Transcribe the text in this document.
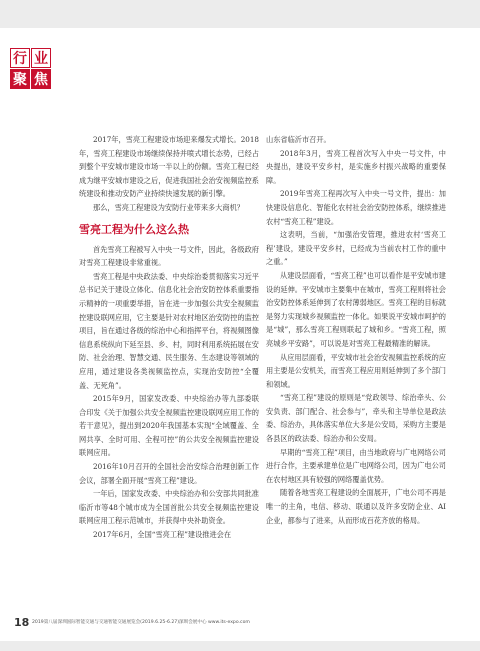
行 业
聚 焦

2017年，雪亮工程建设市场迎来爆发式增长。2018年，雪亮工程建设市场继续保持并喷式增长态势，已经占到整个平安城市建设市场一半以上的份额。雪亮工程已经成为继平安城市建设之后，促进我国社会治安视频监控系统建设和推动安防产业持续快速发展的新引擎。

那么，雪亮工程建设为安防行业带来多大商机？

雪亮工程为什么这么热

首先雪亮工程被写入中央一号文件，因此，各级政府对雪亮工程建设非常重视。

雪亮工程是中央政法委、中央综治委贯彻落实习近平总书记关于建设立体化、信息化社会治安防控体系重要指示精神的一项重要举措，旨在进一步加强公共安全视频监控建设联网应用，它主要是针对农村地区治安防控的监控项目，旨在通过各级的综治中心和指挥平台，将视频图像信息系统纵向下延至县、乡、村，同时利用系统拓展在安防、社会治理、智慧交通、民生服务、生态建设等领域的应用，通过建设各类视频监控点，实现治安防控“全覆盖、无死角”。

2015年9月，国家发改委、中央综治办等九部委联合印发《关于加强公共安全视频监控建设联网应用工作的若干意见》，提出到2020年我国基本实现“全域覆盖、全网共享、全时可用、全程可控”的公共安全视频监控建设联网应用。

2016年10月召开的全国社会治安综合治理创新工作会议，部署全面开展“雪亮工程”建设。

一年后，国家发改委、中央综治办和公安部共同批准临沂市等48个城市成为全国首批公共安全视频监控建设联网应用工程示范城市，并获得中央补助资金。

2017年6月，全国“雪亮工程”建设推进会在

山东省临沂市召开。

2018年3月，雪亮工程首次写入中央一号文件，中央提出，建设平安乡村，是实施乡村振兴战略的重要保障。

2019年雪亮工程再次写入中央一号文件，提出：加快建设信息化、智能化农村社会治安防控体系，继续推进农村“雪亮工程”建设。

这表明，当前，“加强治安管理，推进农村‘雪亮工程’建设，建设平安乡村，已经成为当前农村工作的重中之重。”

从建设层面看，“雪亮工程”也可以看作是平安城市建设的延伸。平安城市主要集中在城市，雪亮工程则将社会治安防控体系延伸到了农村薄弱地区。雪亮工程的目标就是努力实现城乡视频监控一体化。如果说平安城市呵护的是“城”，那么雪亮工程则联起了城和乡。“雪亮工程，照亮城乡平安路”，可以说是对雪亮工程最精准的解读。

从应用层面看，平安城市社会治安视频监控系统的应用主要是公安机关，而雪亮工程应用则延伸到了多个部门和领域。

“雪亮工程”建设的原则是“党政领导、综治牵头、公安负责、部门配合、社会参与”，牵头和主导单位是政法委、综治办，具体落实单位大多是公安局，采购方主要是各县区的政法委、综治办和公安局。

早期的“雪亮工程”项目，由当地政府与广电网络公司进行合作，主要承建单位是广电网络公司，因为广电公司在农村地区具有较强的网络覆盖优势。

随着各地雪亮工程建设的全面展开，广电公司不再是唯一的主角，电信、移动、联通以及许多安防企业、AI企业，都参与了进来，从而形成百花齐放的格局。

18 2019第八届深圳国际智能交通与交通智能交通展览会(2019.6.25-6.27)深圳会展中心 www.its-expo.com
